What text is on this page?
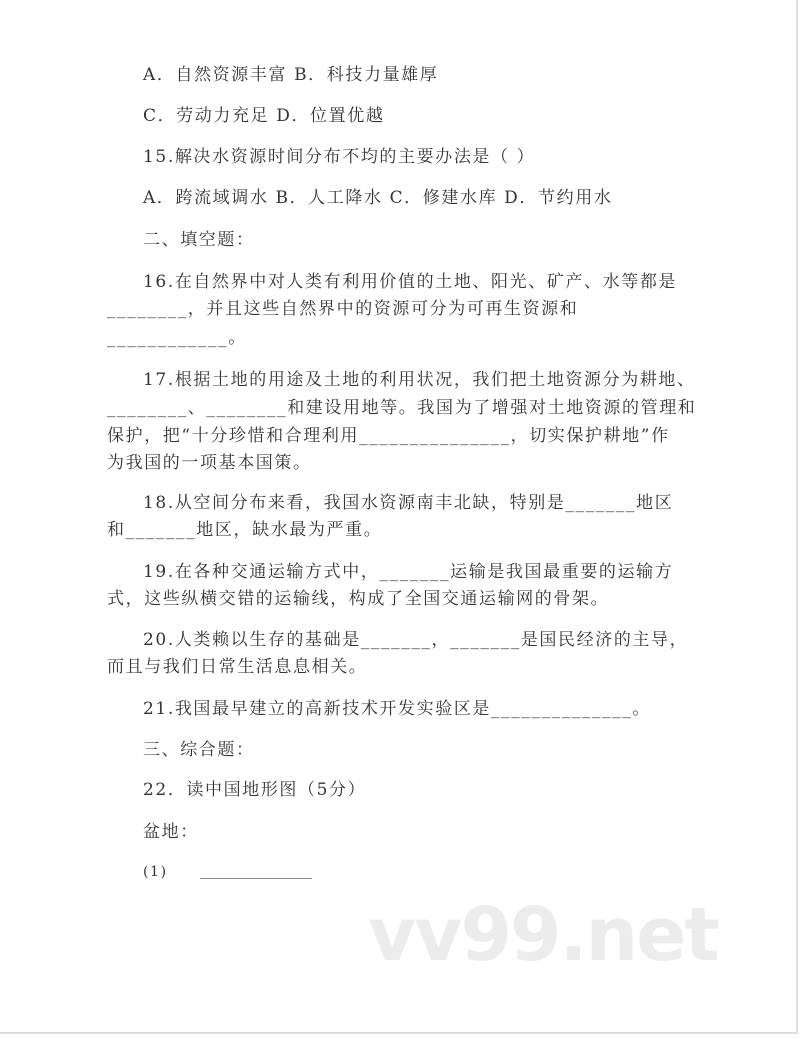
A．自然资源丰富 B．科技力量雄厚
C．劳动力充足 D．位置优越
15.解决水资源时间分布不均的主要办法是（ ）
A．跨流域调水 B．人工降水 C．修建水库 D．节约用水
二、填空题：
16.在自然界中对人类有利用价值的土地、阳光、矿产、水等都是
________，并且这些自然界中的资源可分为可再生资源和
____________。
17.根据土地的用途及土地的利用状况，我们把土地资源分为耕地、
________、________和建设用地等。我国为了增强对土地资源的管理和
保护，把“十分珍惜和合理利用_______________，切实保护耕地”作
为我国的一项基本国策。
18.从空间分布来看，我国水资源南丰北缺，特别是_______地区
和_______地区，缺水最为严重。
19.在各种交通运输方式中，_______运输是我国最重要的运输方
式，这些纵横交错的运输线，构成了全国交通运输网的骨架。
20.人类赖以生存的基础是_______，_______是国民经济的主导，
而且与我们日常生活息息相关。
21.我国最早建立的高新技术开发实验区是______________。
三、综合题：
22．读中国地形图（5分）
盆地：
(1)
vv99.net
